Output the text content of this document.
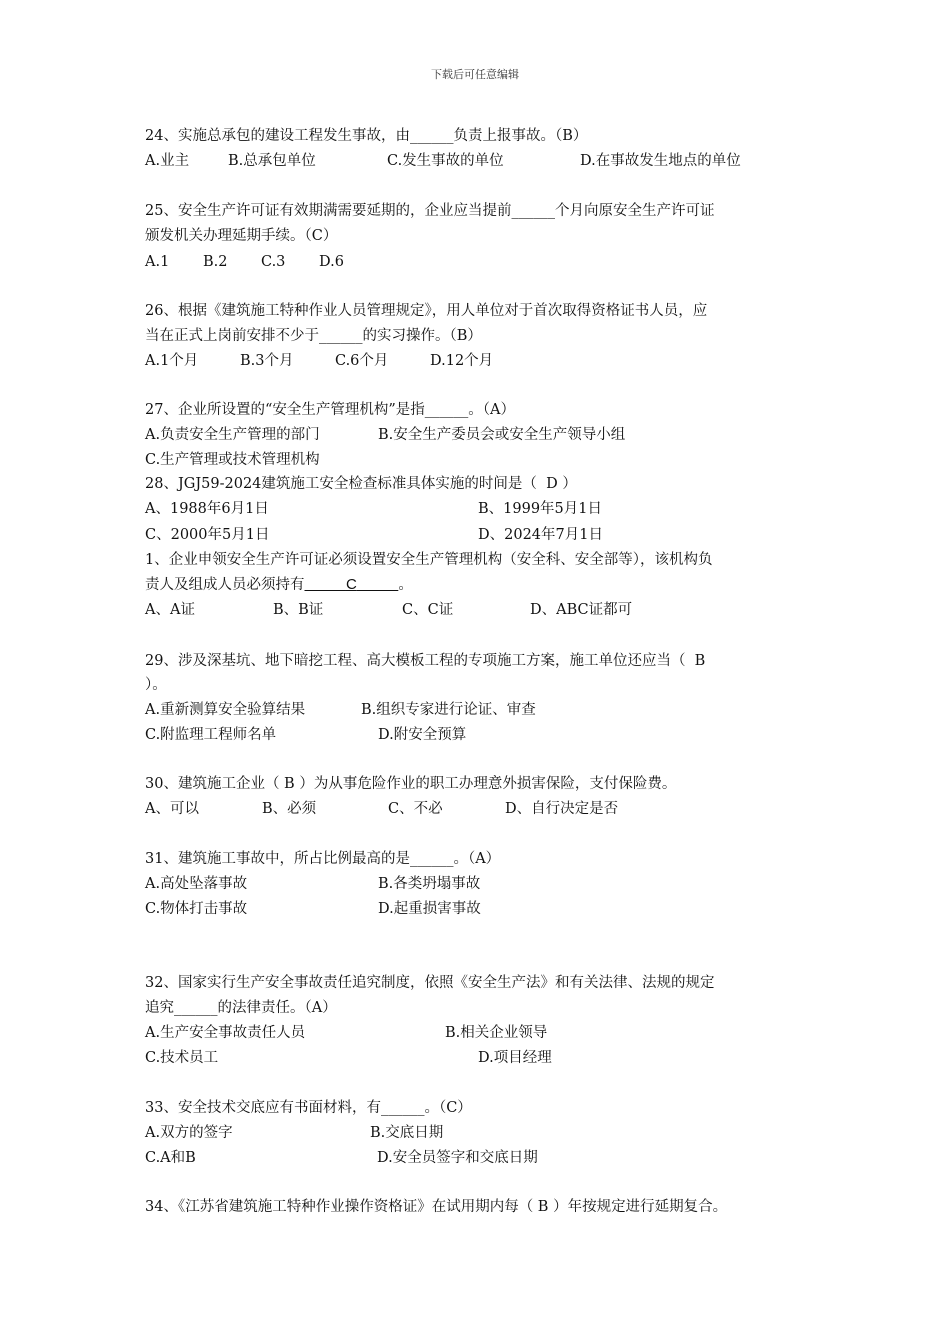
下载后可任意编辑
24、实施总承包的建设工程发生事故，由______负责上报事故。（B）
A.业主	B.总承包单位	C.发生事故的单位	D.在事故发生地点的单位
25、安全生产许可证有效期满需要延期的，企业应当提前______个月向原安全生产许可证
颁发机关办理延期手续。（C）
A.1 B.2 C.3 D.6
26、根据《建筑施工特种作业人员管理规定》，用人单位对于首次取得资格证书人员，应
当在正式上岗前安排不少于______的实习操作。（B）
A.1个月	B.3个月	C.6个月	D.12个月
27、企业所设置的“安全生产管理机构”是指______。（A）
A.负责安全生产管理的部门	B.安全生产委员会或安全生产领导小组
C.生产管理或技术管理机构
28、JGJ59-2024建筑施工安全检查标准具体实施的时间是（  D ）
A、1988年6月1日	B、1999年5月1日
C、2000年5月1日	D、2024年7月1日
1、企业申领安全生产许可证必须设置安全生产管理机构（安全科、安全部等），该机构负
责人及组成人员必须持有	C	。
A、A证	B、B证	C、C证	D、ABC证都可
29、涉及深基坑、地下暗挖工程、高大模板工程的专项施工方案，施工单位还应当（  B
）。
A.重新测算安全验算结果	B.组织专家进行论证、审查
C.附监理工程师名单	D.附安全预算
30、建筑施工企业（ B ）为从事危险作业的职工办理意外损害保险，支付保险费。
A、可以	B、必须	C、不必	D、自行决定是否
31、建筑施工事故中，所占比例最高的是______。（A）
A.高处坠落事故	B.各类坍塌事故
C.物体打击事故	D.起重损害事故
32、国家实行生产安全事故责任追究制度，依照《安全生产法》和有关法律、法规的规定
追究______的法律责任。（A）
A.生产安全事故责任人员	B.相关企业领导
C.技术员工	D.项目经理
33、安全技术交底应有书面材料，有______。（C）
A.双方的签字	B.交底日期
C.A和B	D.安全员签字和交底日期
34、《江苏省建筑施工特种作业操作资格证》在试用期内每（ B ）年按规定进行延期复合。
